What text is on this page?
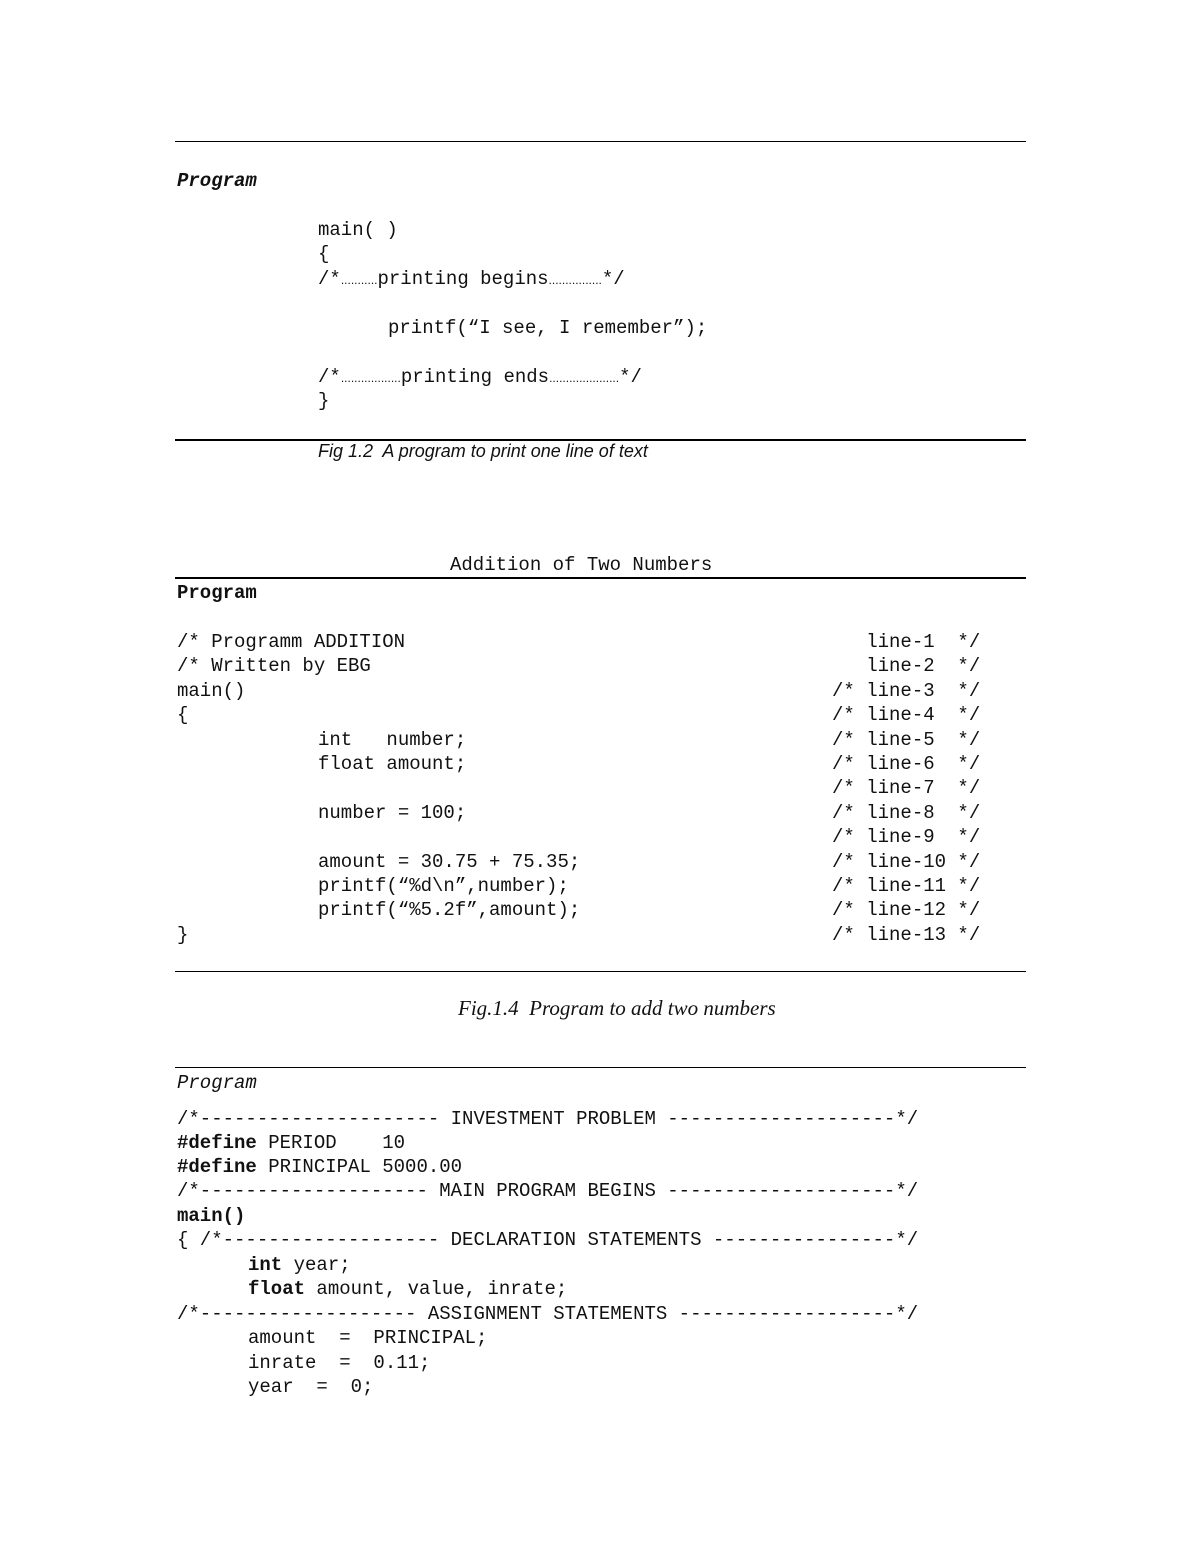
Program
main( )
{
/*...........printing begins................*/
printf(“I see, I remember”);
/*..................printing ends.....................*/
}
Fig 1.2  A program to print one line of text
Addition of Two Numbers
Program
/* Programm ADDITION	line-1  */
/* Written by EBG	line-2  */
main()	/* line-3  */
{	/* line-4  */
int   number;	/* line-5  */
float amount;	/* line-6  */
/* line-7  */
number = 100;	/* line-8  */
/* line-9  */
amount = 30.75 + 75.35;	/* line-10 */
printf(“%d\n”,number);	/* line-11 */
printf(“%5.2f”,amount);	/* line-12 */
}	/* line-13 */
Fig.1.4  Program to add two numbers
Program
/*--------------------- INVESTMENT PROBLEM --------------------*/
#define PERIOD    10
#define PRINCIPAL 5000.00
/*-------------------- MAIN PROGRAM BEGINS --------------------*/
main()
{ /*------------------- DECLARATION STATEMENTS ----------------*/
int year;
float amount, value, inrate;
/*------------------- ASSIGNMENT STATEMENTS -------------------*/
amount  =  PRINCIPAL;
inrate  =  0.11;
year  =  0;
